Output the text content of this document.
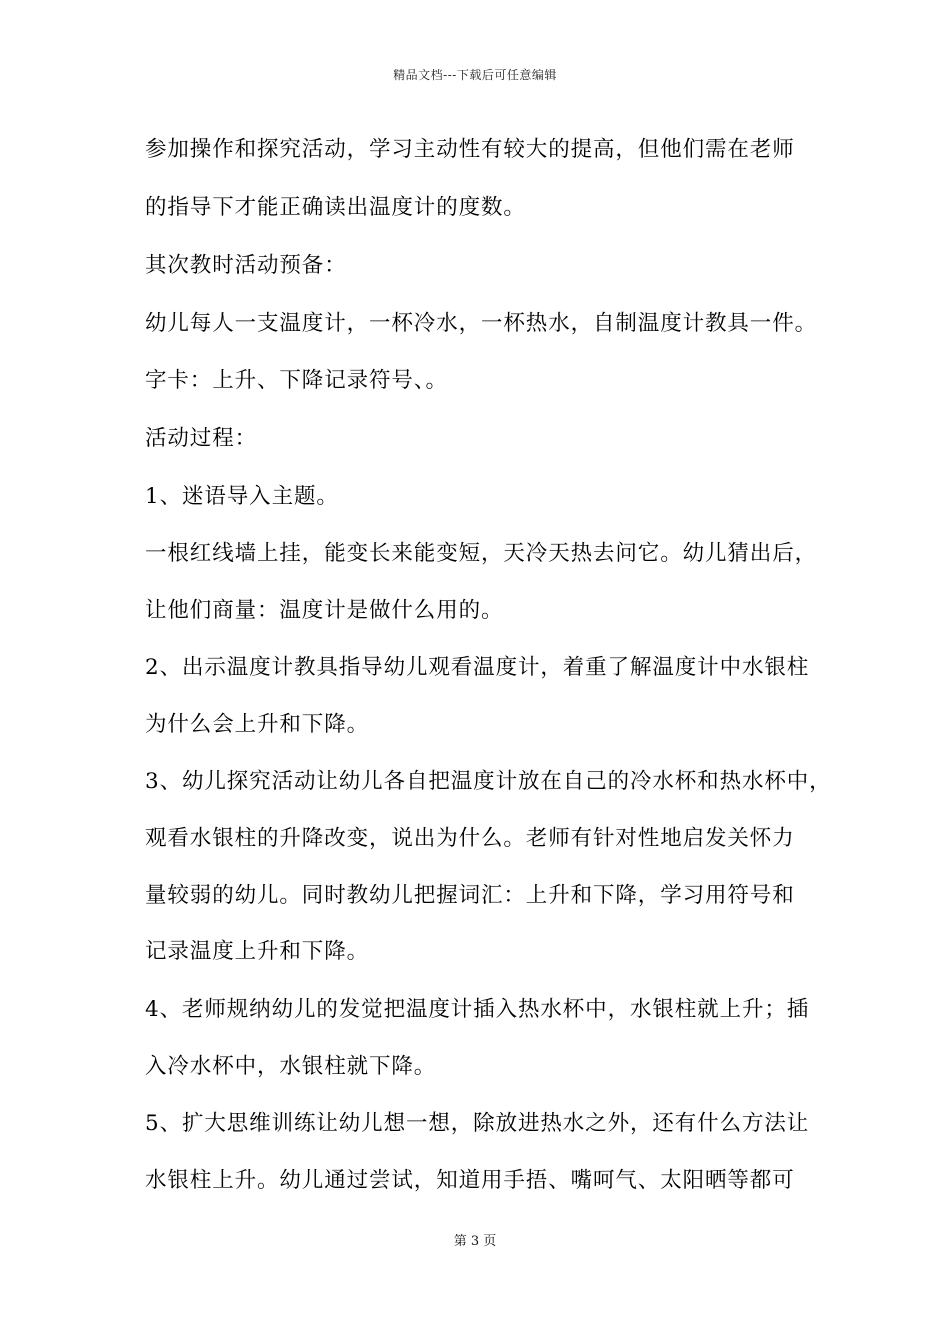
精品文档---下载后可任意编辑
参加操作和探究活动，学习主动性有较大的提高，但他们需在老师
的指导下才能正确读出温度计的度数。
其次教时活动预备：
幼儿每人一支温度计，一杯冷水，一杯热水，自制温度计教具一件。
字卡：上升、下降记录符号、。
活动过程：
1、迷语导入主题。
一根红线墙上挂，能变长来能变短，天冷天热去问它。幼儿猜出后，
让他们商量：温度计是做什么用的。
2、出示温度计教具指导幼儿观看温度计，着重了解温度计中水银柱
为什么会上升和下降。
3、幼儿探究活动让幼儿各自把温度计放在自己的冷水杯和热水杯中，
观看水银柱的升降改变，说出为什么。老师有针对性地启发关怀力
量较弱的幼儿。同时教幼儿把握词汇：上升和下降，学习用符号和
记录温度上升和下降。
4、老师规纳幼儿的发觉把温度计插入热水杯中，水银柱就上升；插
入冷水杯中，水银柱就下降。
5、扩大思维训练让幼儿想一想，除放进热水之外，还有什么方法让
水银柱上升。幼儿通过尝试，知道用手捂、嘴呵气、太阳晒等都可
第 3 页
